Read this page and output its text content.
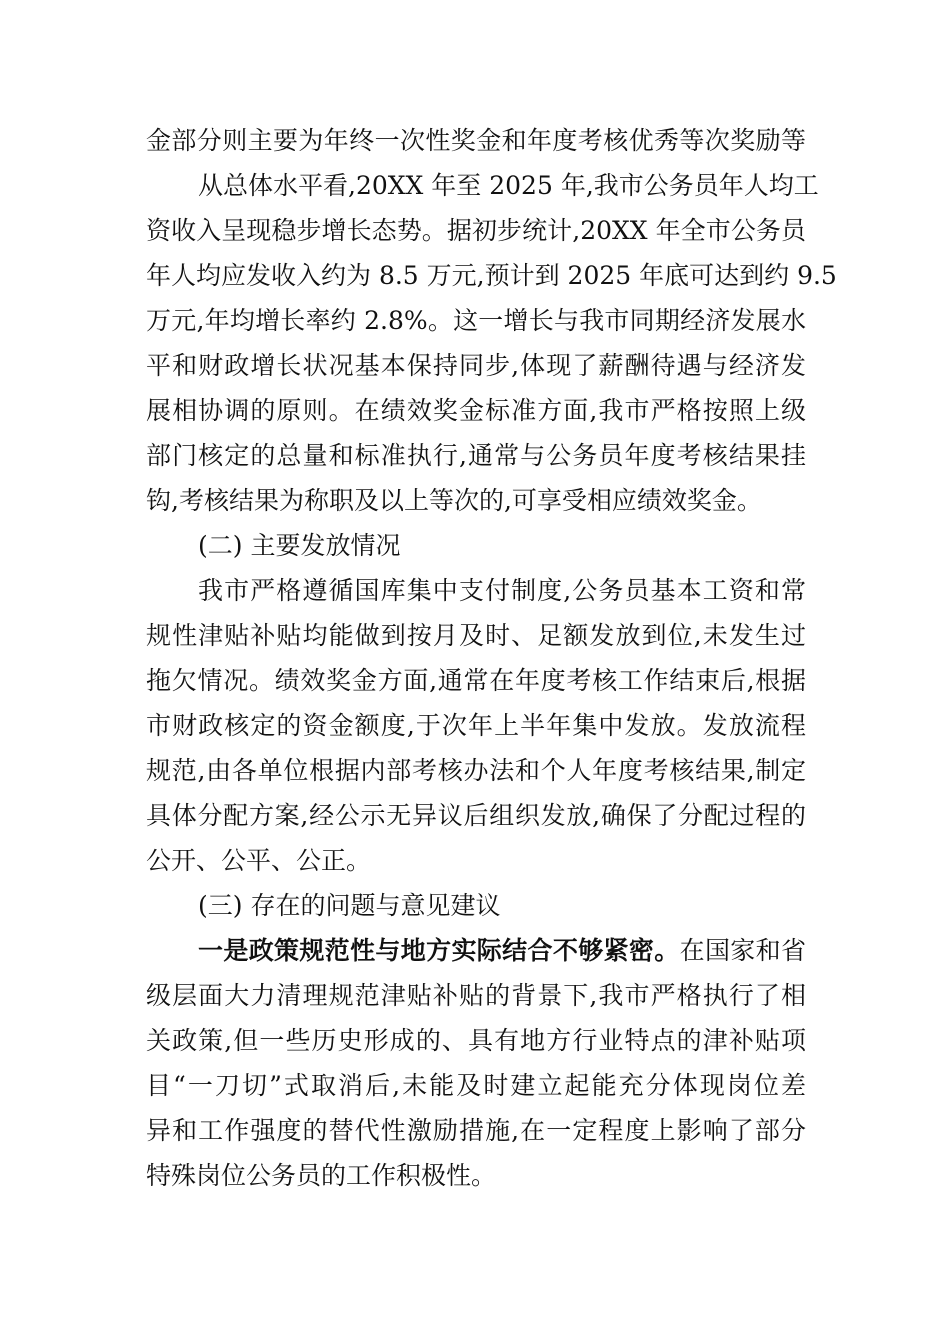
金部分则主要为年终一次性奖金和年度考核优秀等次奖励等
从总体水平看,20XX 年至 2025 年,我市公务员年人均工
资收入呈现稳步增长态势。据初步统计,20XX 年全市公务员
年人均应发收入约为 8.5 万元,预计到 2025 年底可达到约 9.5
万元,年均增长率约 2.8%。这一增长与我市同期经济发展水
平和财政增长状况基本保持同步,体现了薪酬待遇与经济发
展相协调的原则。在绩效奖金标准方面,我市严格按照上级
部门核定的总量和标准执行,通常与公务员年度考核结果挂
钩,考核结果为称职及以上等次的,可享受相应绩效奖金。
(二) 主要发放情况
我市严格遵循国库集中支付制度,公务员基本工资和常
规性津贴补贴均能做到按月及时、足额发放到位,未发生过
拖欠情况。绩效奖金方面,通常在年度考核工作结束后,根据
市财政核定的资金额度,于次年上半年集中发放。发放流程
规范,由各单位根据内部考核办法和个人年度考核结果,制定
具体分配方案,经公示无异议后组织发放,确保了分配过程的
公开、公平、公正。
(三) 存在的问题与意见建议
一是政策规范性与地方实际结合不够紧密。在国家和省
级层面大力清理规范津贴补贴的背景下,我市严格执行了相
关政策,但一些历史形成的、具有地方行业特点的津补贴项
目“一刀切”式取消后,未能及时建立起能充分体现岗位差
异和工作强度的替代性激励措施,在一定程度上影响了部分
特殊岗位公务员的工作积极性。
